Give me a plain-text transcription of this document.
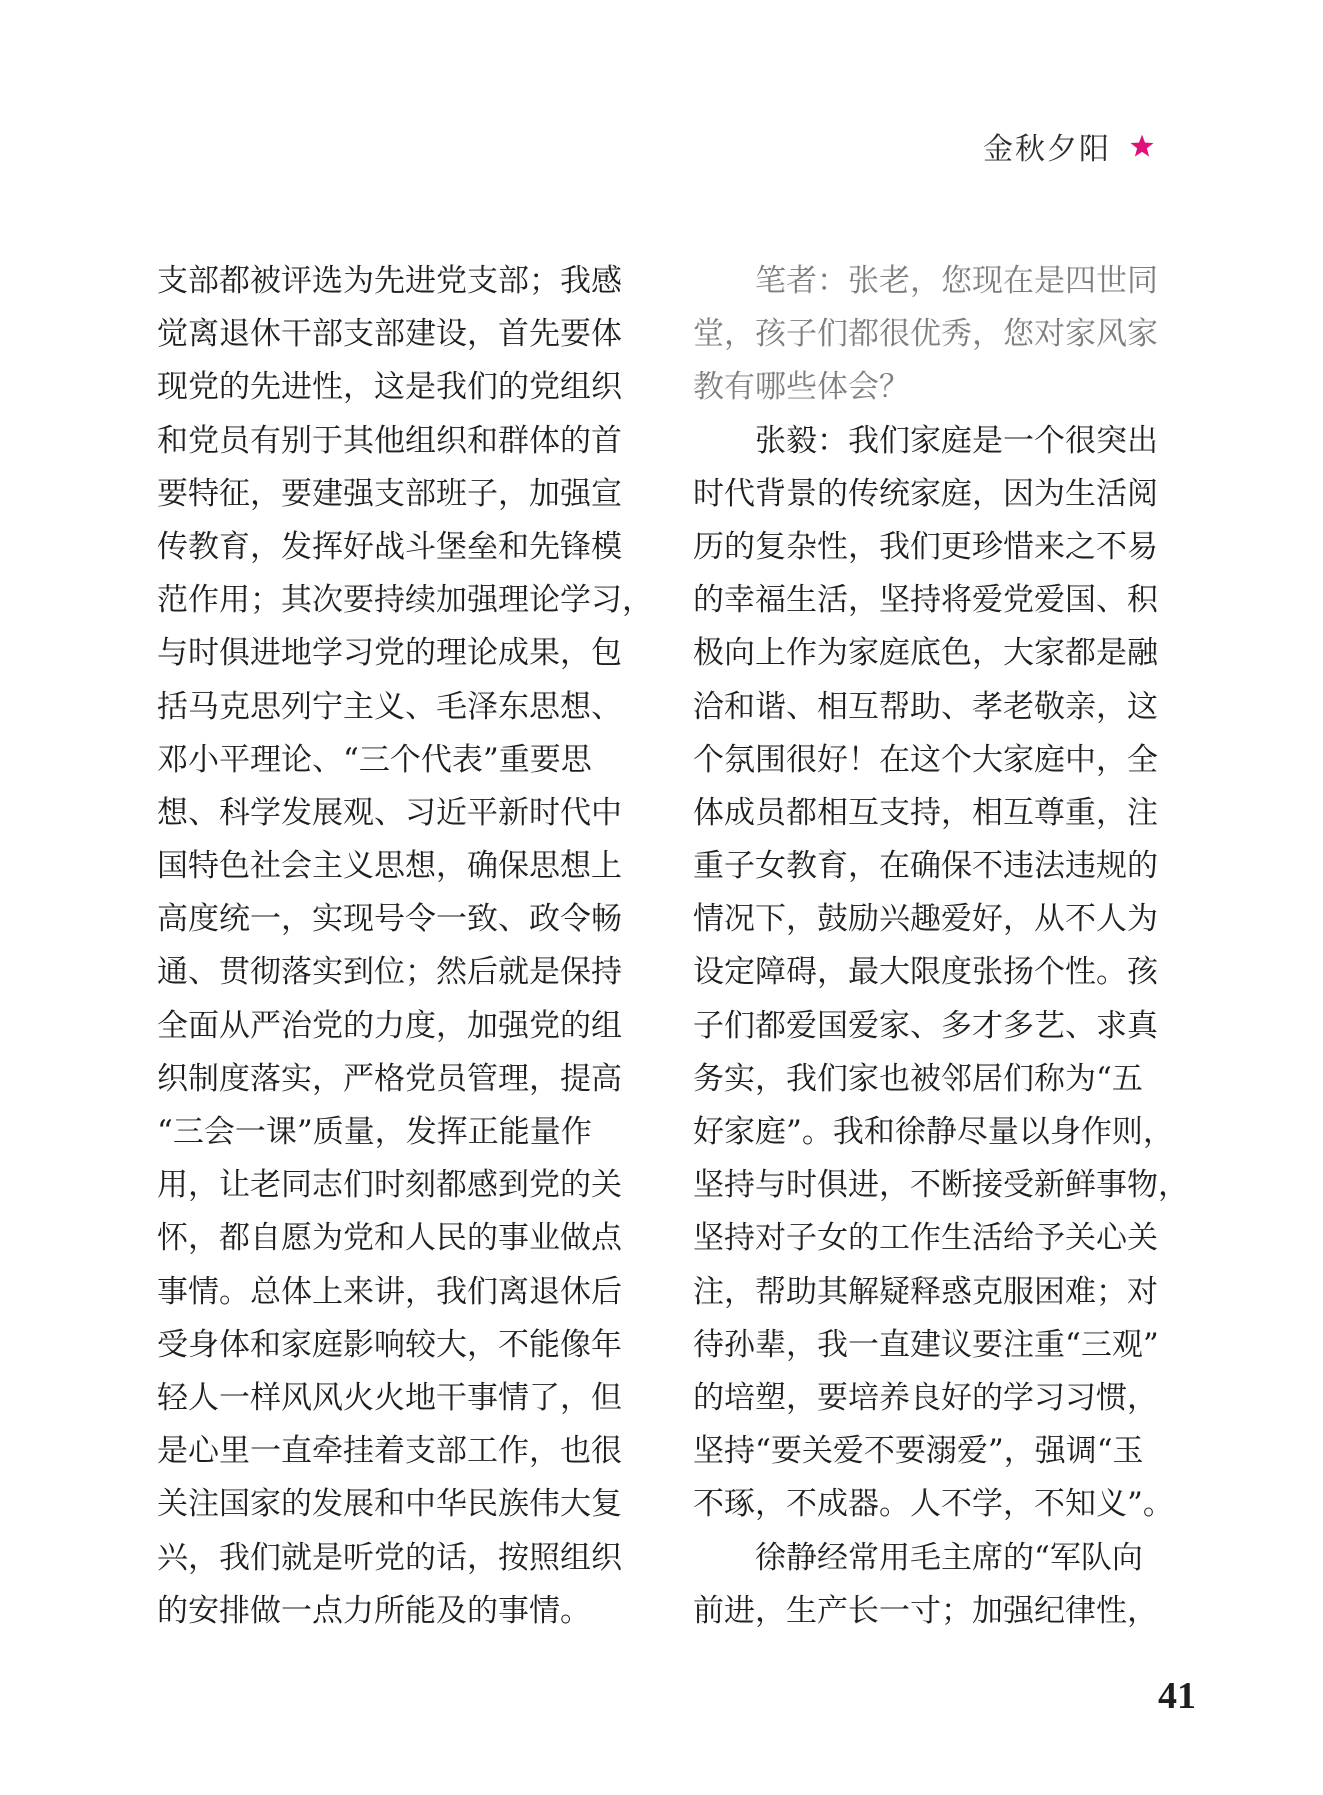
金秋夕阳
支部都被评选为先进党支部；我感
觉离退休干部支部建设，首先要体
现党的先进性，这是我们的党组织
和党员有别于其他组织和群体的首
要特征，要建强支部班子，加强宣
传教育，发挥好战斗堡垒和先锋模
范作用；其次要持续加强理论学习，
与时俱进地学习党的理论成果，包
括马克思列宁主义、毛泽东思想、
邓小平理论、“三个代表”重要思
想、科学发展观、习近平新时代中
国特色社会主义思想，确保思想上
高度统一，实现号令一致、政令畅
通、贯彻落实到位；然后就是保持
全面从严治党的力度，加强党的组
织制度落实，严格党员管理，提高
“三会一课”质量，发挥正能量作
用，让老同志们时刻都感到党的关
怀，都自愿为党和人民的事业做点
事情。总体上来讲，我们离退休后
受身体和家庭影响较大，不能像年
轻人一样风风火火地干事情了，但
是心里一直牵挂着支部工作，也很
关注国家的发展和中华民族伟大复
兴，我们就是听党的话，按照组织
的安排做一点力所能及的事情。
　　笔者：张老，您现在是四世同
堂，孩子们都很优秀，您对家风家
教有哪些体会？
　　张毅：我们家庭是一个很突出
时代背景的传统家庭，因为生活阅
历的复杂性，我们更珍惜来之不易
的幸福生活，坚持将爱党爱国、积
极向上作为家庭底色，大家都是融
洽和谐、相互帮助、孝老敬亲，这
个氛围很好！在这个大家庭中，全
体成员都相互支持，相互尊重，注
重子女教育，在确保不违法违规的
情况下，鼓励兴趣爱好，从不人为
设定障碍，最大限度张扬个性。孩
子们都爱国爱家、多才多艺、求真
务实，我们家也被邻居们称为“五
好家庭”。我和徐静尽量以身作则，
坚持与时俱进，不断接受新鲜事物，
坚持对子女的工作生活给予关心关
注，帮助其解疑释惑克服困难；对
待孙辈，我一直建议要注重“三观”
的培塑，要培养良好的学习习惯，
坚持“要关爱不要溺爱”，强调“玉
不琢，不成器。人不学，不知义”。
　　徐静经常用毛主席的“军队向
前进，生产长一寸；加强纪律性，
41
